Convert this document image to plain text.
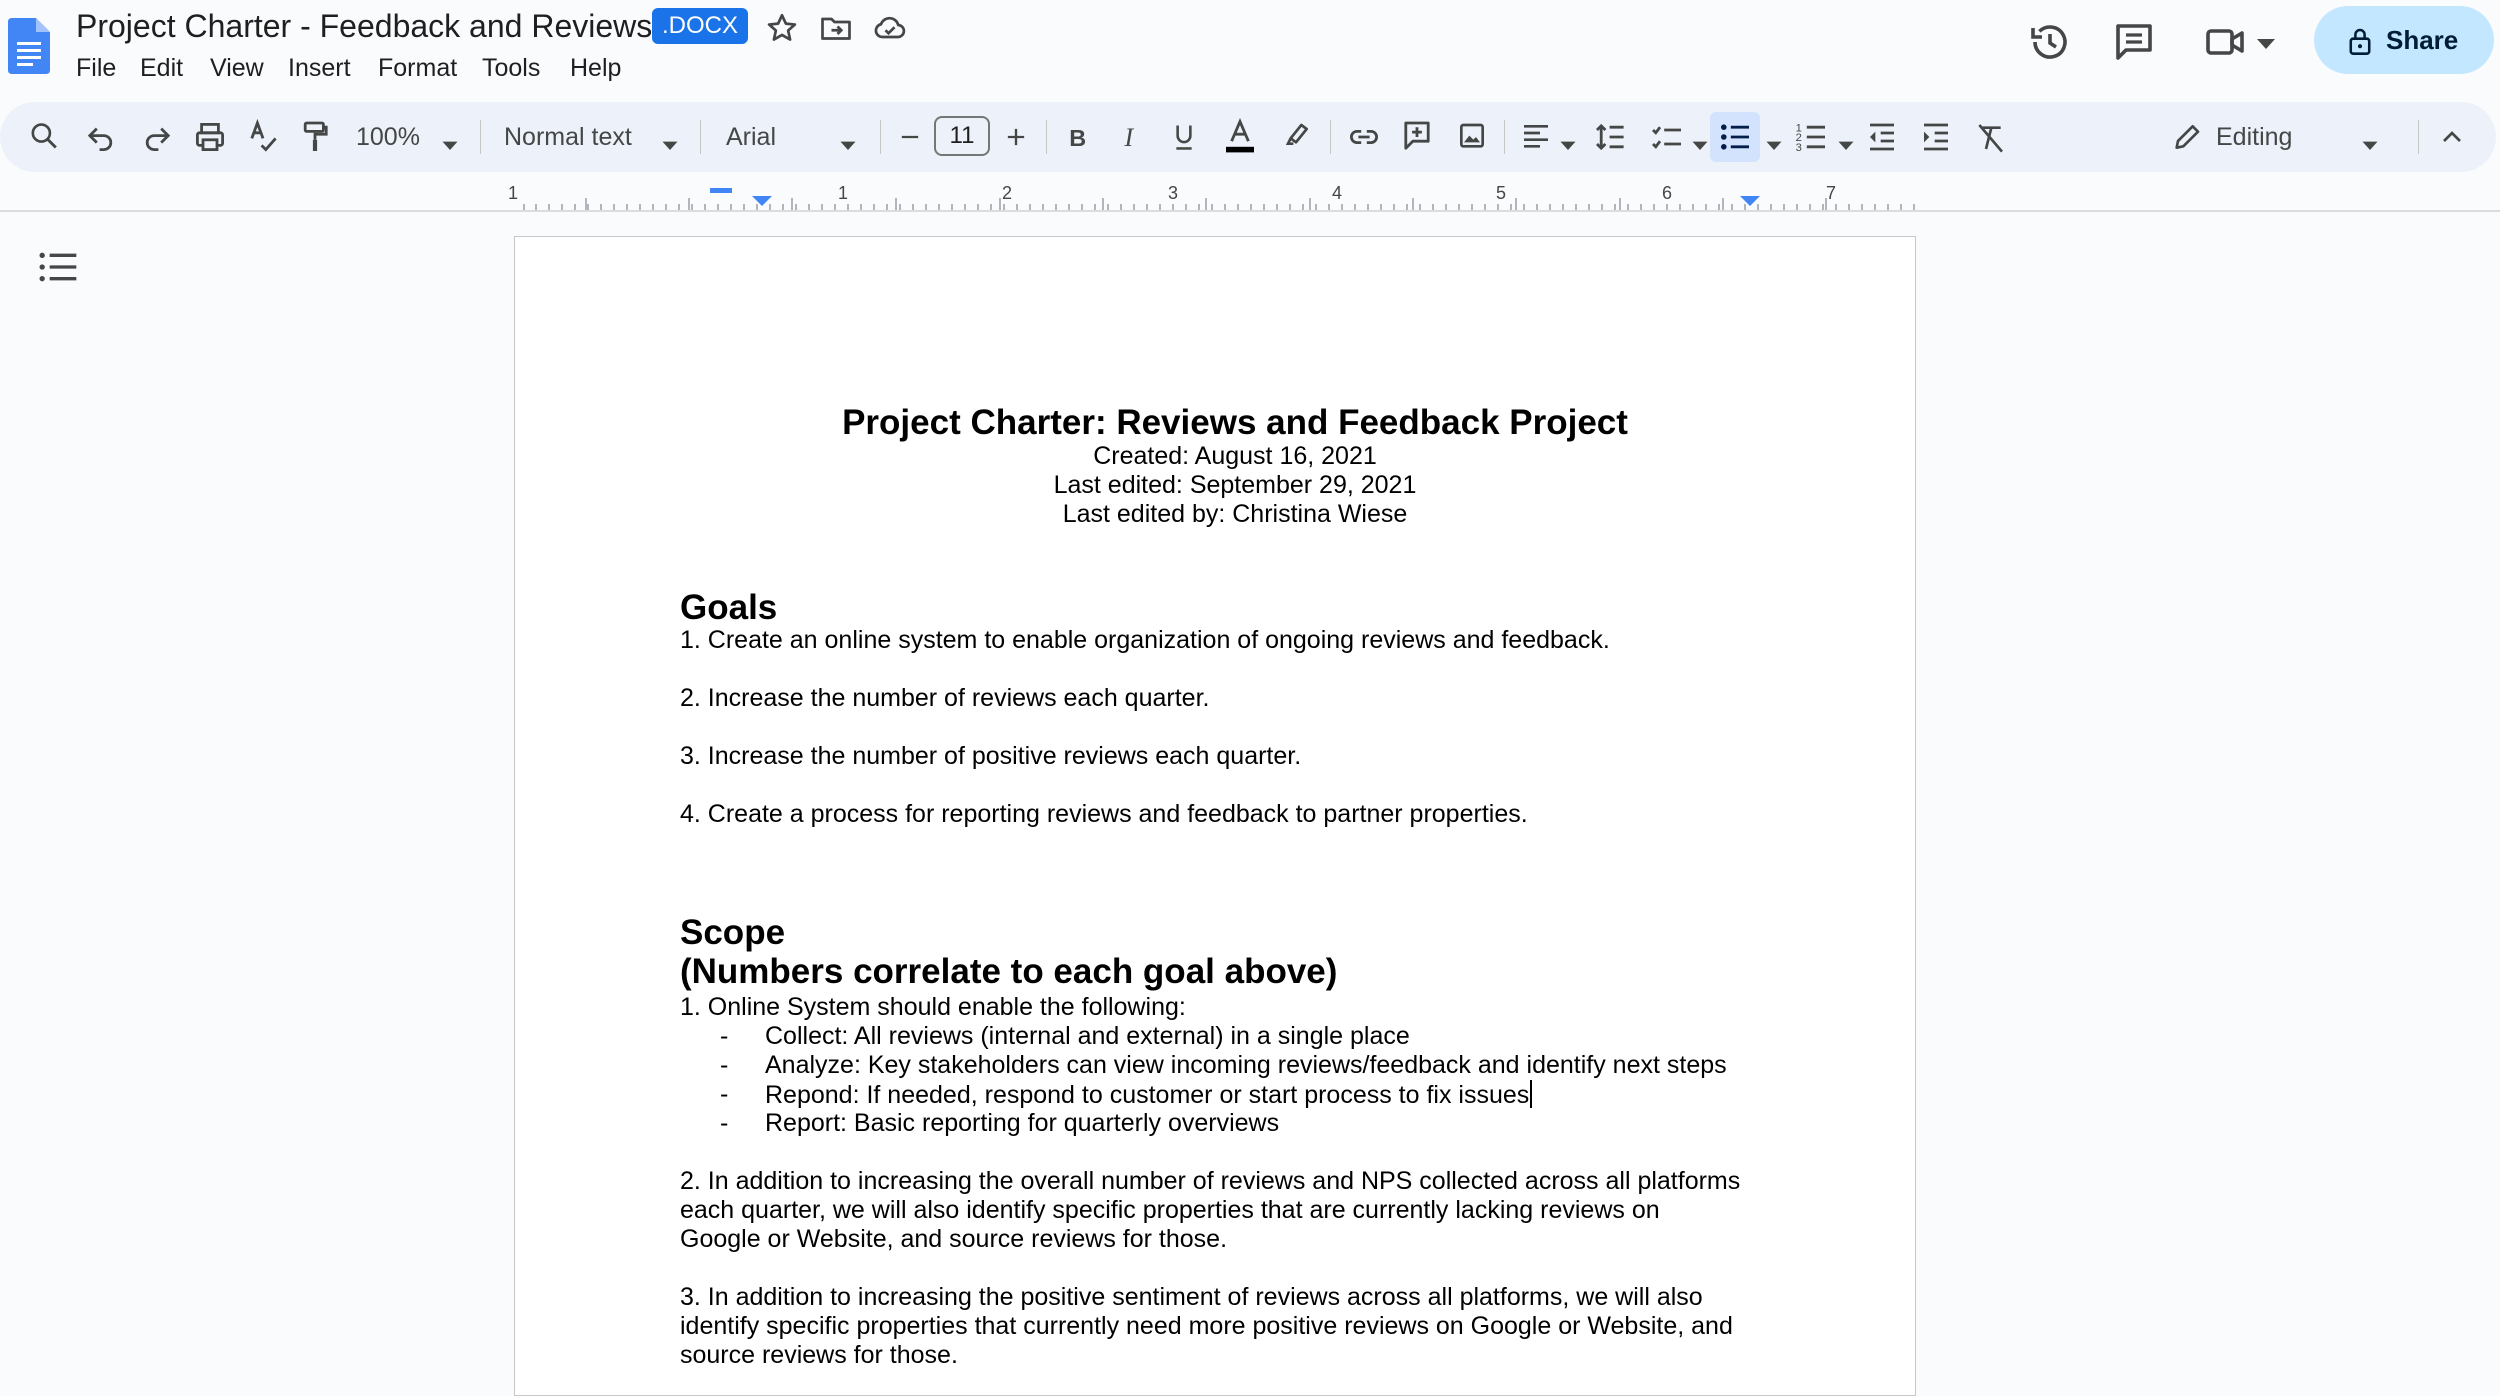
Project Charter - Feedback and Reviews .DOCX
File Edit	View Insert	Format Tools	Help
Share
100%	Normal text	Arial	11	B I	1
2
3	Editing
1	1	2	3	4	5	6	7
Project Charter: Reviews and Feedback Project
Created: August 16, 2021
Last edited: September 29, 2021
Last edited by: Christina Wiese
Goals
1. Create an online system to enable organization of ongoing reviews and feedback.
2. Increase the number of reviews each quarter.
3. Increase the number of positive reviews each quarter.
4. Create a process for reporting reviews and feedback to partner properties.
Scope
(Numbers correlate to each goal above)
1. Online System should enable the following:
- Collect: All reviews (internal and external) in a single place
- Analyze: Key stakeholders can view incoming reviews/feedback and identify next steps
- Repond: If needed, respond to customer or start process to fix issues
- Report: Basic reporting for quarterly overviews
2. In addition to increasing the overall number of reviews and NPS collected across all platforms
each quarter, we will also identify specific properties that are currently lacking reviews on
Google or Website, and source reviews for those.
3. In addition to increasing the positive sentiment of reviews across all platforms, we will also
identify specific properties that currently need more positive reviews on Google or Website, and
source reviews for those.
